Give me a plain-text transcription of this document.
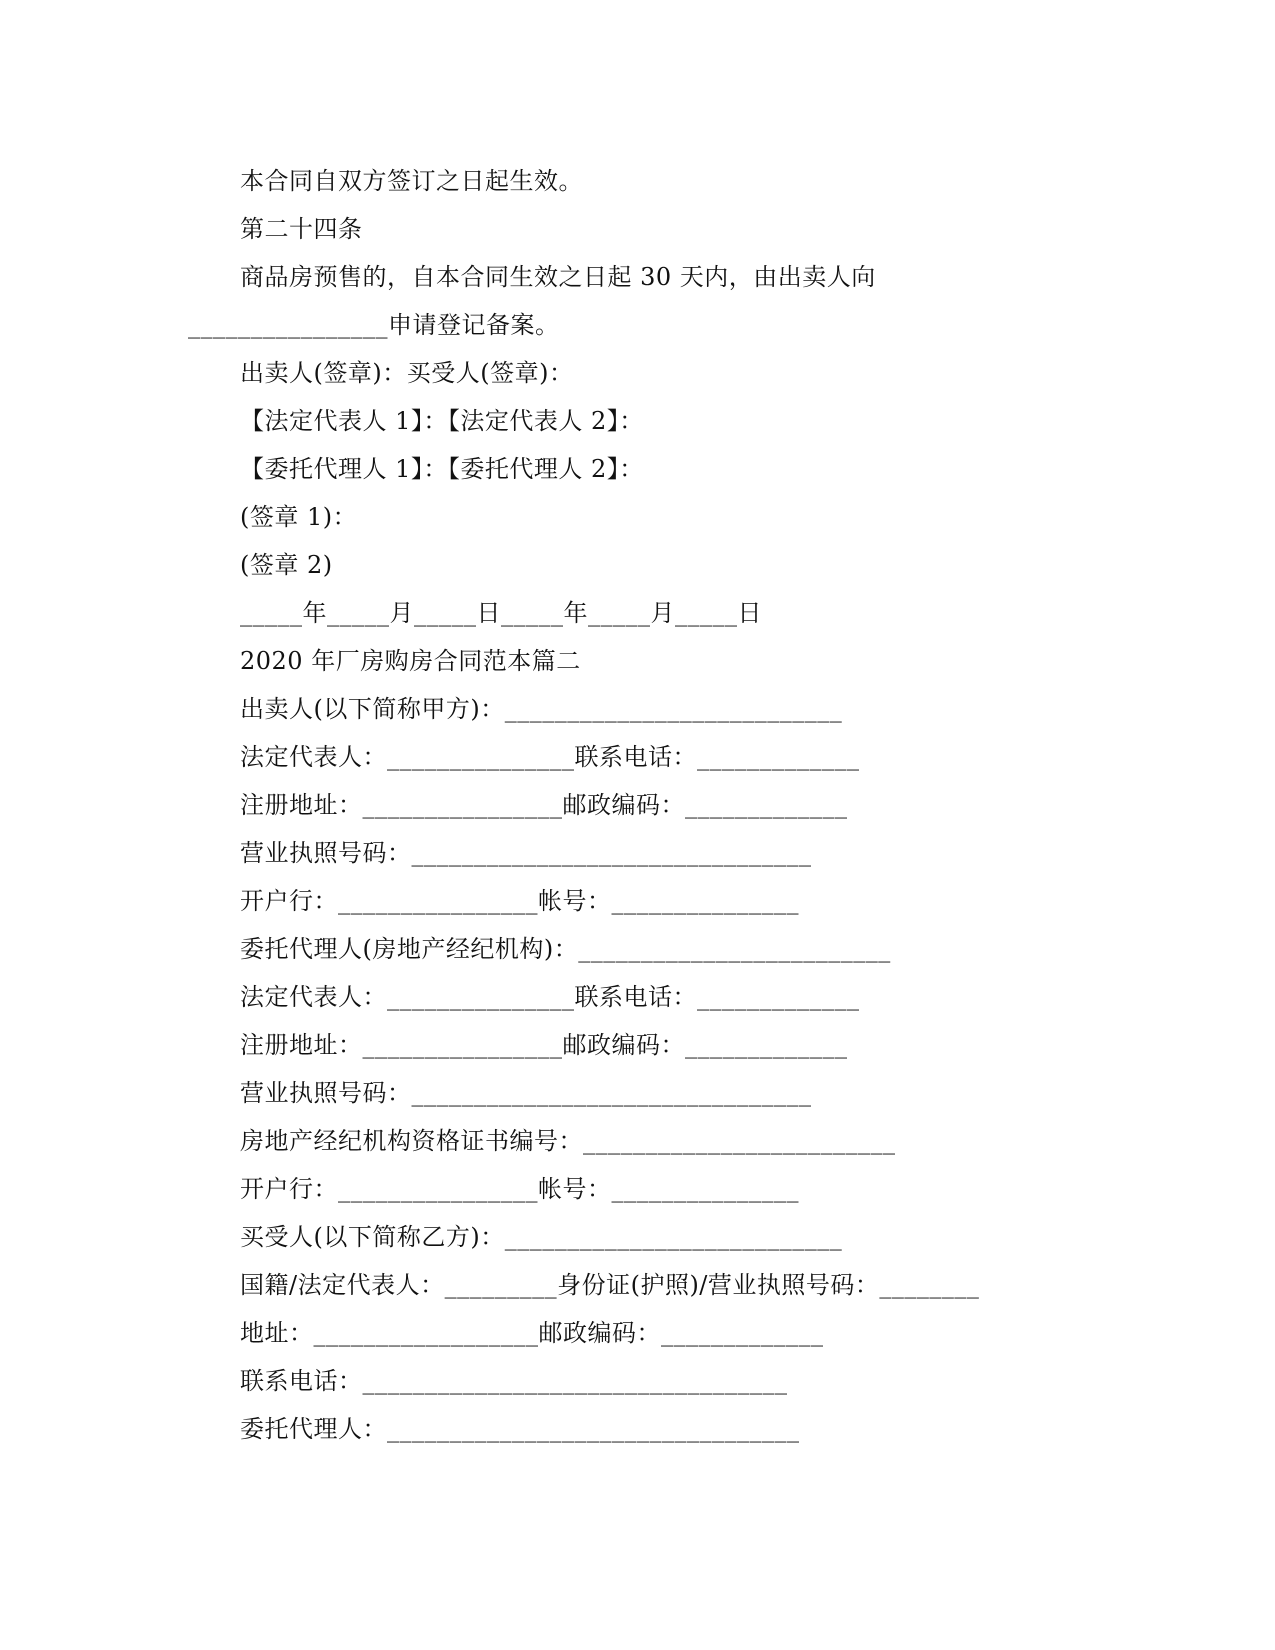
本合同自双方签订之日起生效。
第二十四条
商品房预售的，自本合同生效之日起 30 天内，由出卖人向
________________申请登记备案。
出卖人(签章)：买受人(签章)：
【法定代表人 1】：【法定代表人 2】：
【委托代理人 1】：【委托代理人 2】：
(签章 1)：
(签章 2)
_____年_____月_____日_____年_____月_____日
2020 年厂房购房合同范本篇二
出卖人(以下简称甲方)：___________________________
法定代表人：_______________联系电话：_____________
注册地址：________________邮政编码：_____________
营业执照号码：________________________________
开户行：________________帐号：_______________
委托代理人(房地产经纪机构)：_________________________
法定代表人：_______________联系电话：_____________
注册地址：________________邮政编码：_____________
营业执照号码：________________________________
房地产经纪机构资格证书编号：_________________________
开户行：________________帐号：_______________
买受人(以下简称乙方)：___________________________
国籍/法定代表人：_________身份证(护照)/营业执照号码：________
地址：__________________邮政编码：_____________
联系电话：__________________________________
委托代理人：_________________________________
